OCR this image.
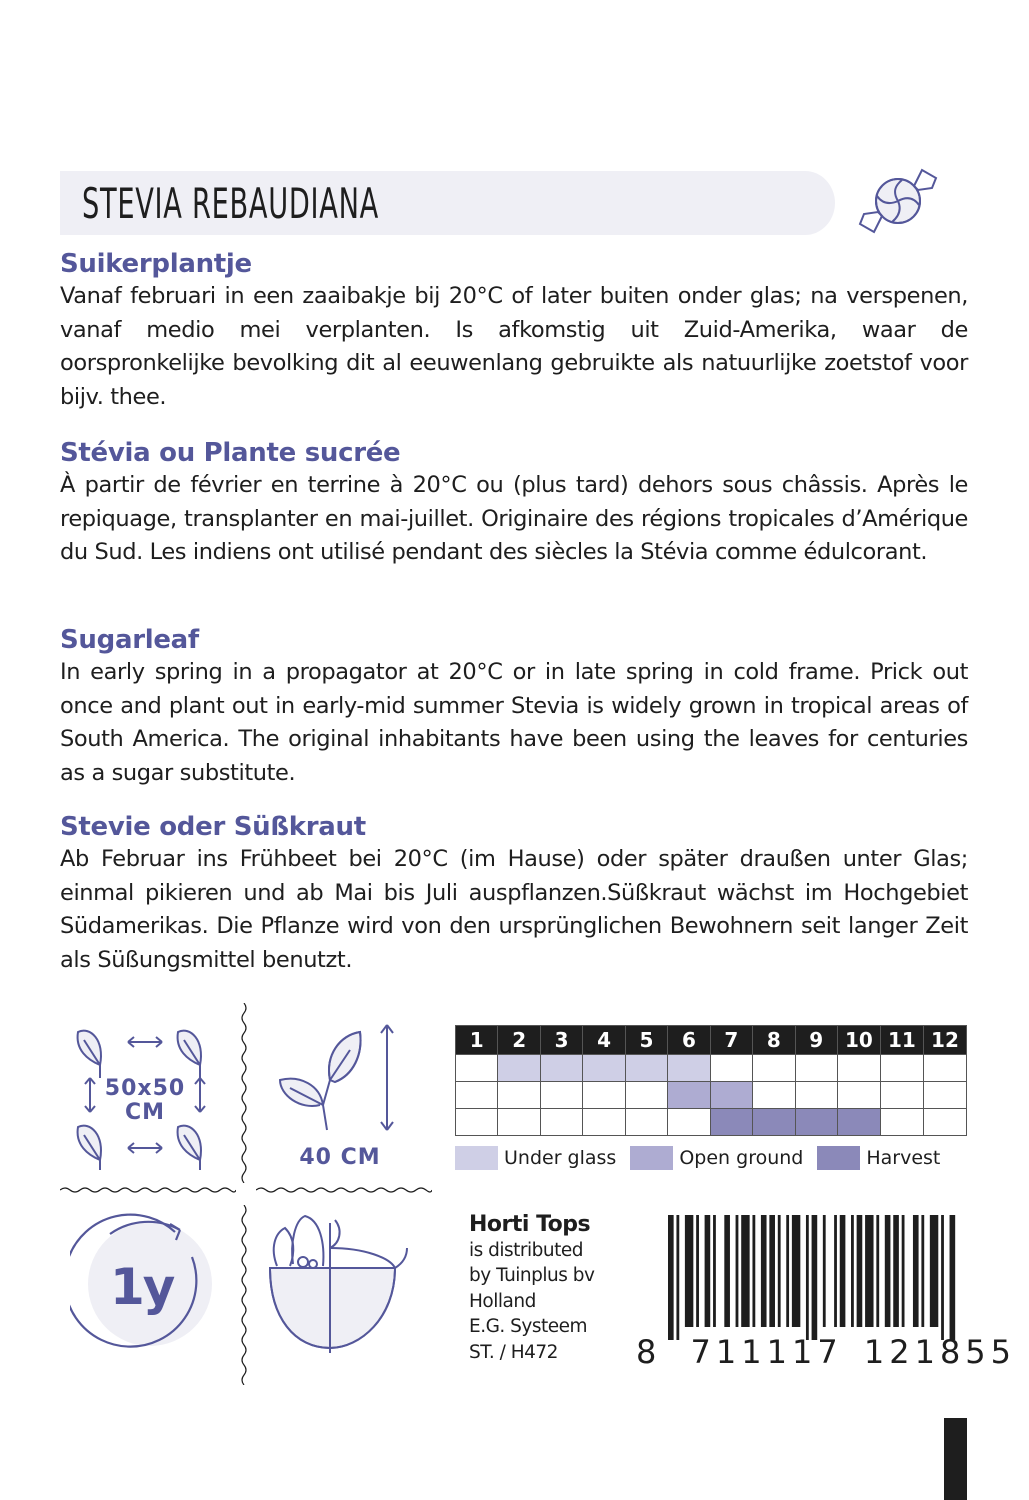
STEVIA REBAUDIANA
Suikerplantje

Vanaf februari in een zaaibakje bij 20°C of later buiten onder glas; na verspenen, vanaf medio mei verplanten. Is afkomstig uit Zuid-Amerika, waar de oorspronkelijke bevolking dit al eeuwenlang gebruikte als natuurlijke zoetstof voor bijv. thee.

Stévia ou Plante sucrée

À partir de février en terrine à 20°C ou (plus tard) dehors sous châssis. Après le repiquage, transplanter en mai-juillet. Originaire des régions tropicales d’Amérique du Sud. Les indiens ont utilisé pendant des siècles la Stévia comme édulcorant.

Sugarleaf

In early spring in a propagator at 20°C or in late spring in cold frame. Prick out once and plant out in early-mid summer Stevia is widely grown in tropical areas of South America. The original inhabitants have been using the leaves for centuries as a sugar substitute.

Stevie oder Süßkraut

Ab Februar ins Frühbeet bei 20°C (im Hause) oder später draußen unter Glas; einmal pikieren und ab Mai bis Juli auspflanzen.Süßkraut wächst im Hochgebiet Südamerikas. Die Pflanze wird von den ursprünglichen Bewohnern seit langer Zeit als Süßungsmittel benutzt.

50x50
CM
40 CM
1y
1	2	3	4	5	6	7	8	9	10	11	12

Under glass	Open ground	Harvest
Horti Tops
is distributed
by Tuinplus bv
Holland
E.G. Systeem
ST. / H472	8 711117 121855
